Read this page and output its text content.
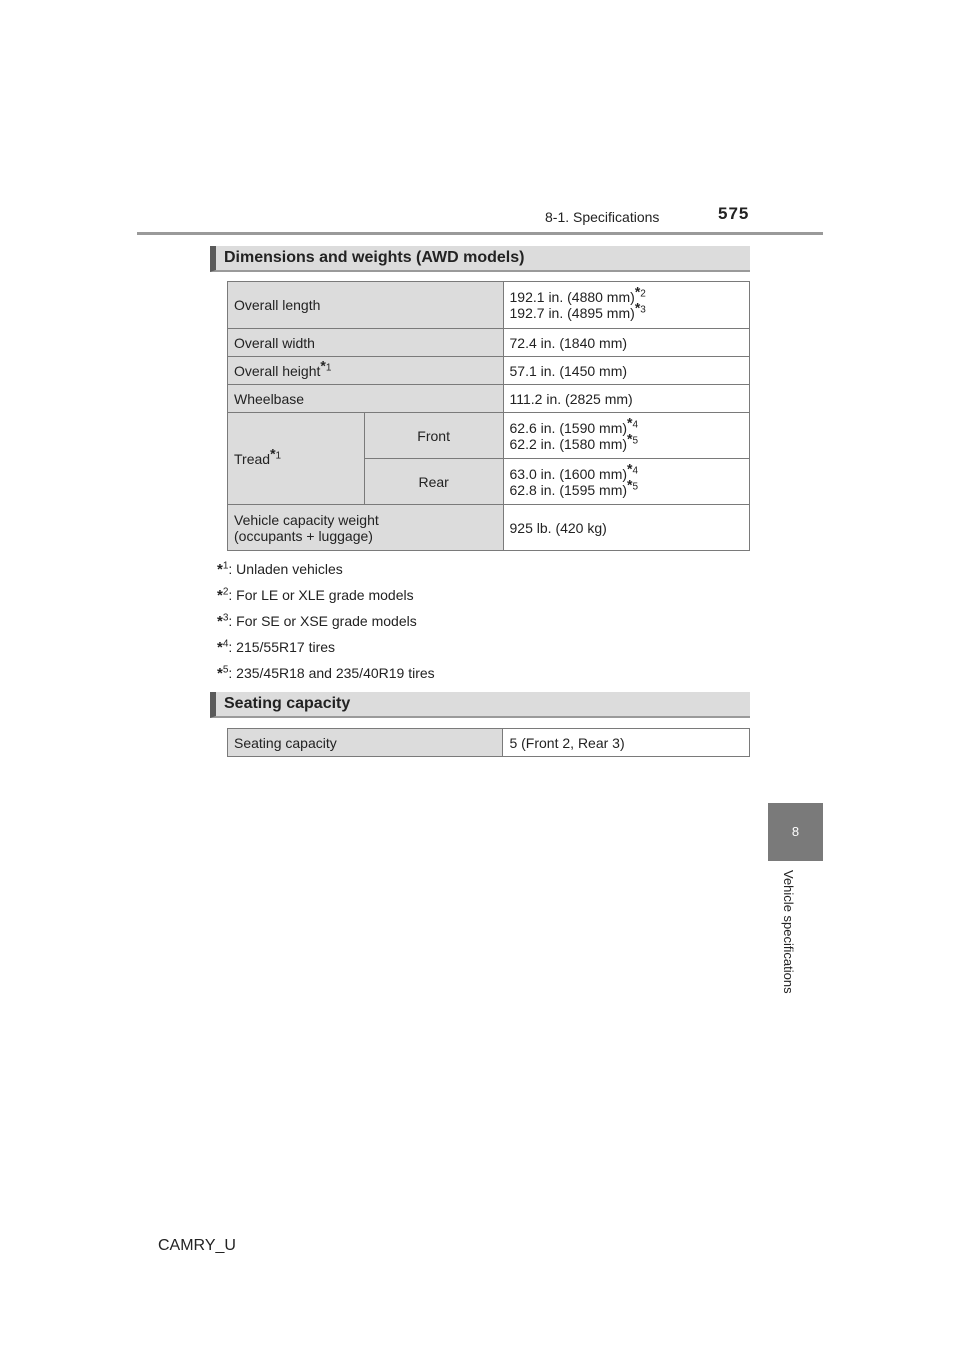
8-1. Specifications	575
Dimensions and weights (AWD models)
Overall length		192.1 in. (4880 mm)*$^2$
192.7 in. (4895 mm)*$^3$

Overall width		72.4 in. (1840 mm)
Overall height*$^1$		57.1 in. (1450 mm)
Wheelbase		111.2 in. (2825 mm)
Tread*$^1$	Front	62.6 in. (1590 mm)*$^4$
62.2 in. (1580 mm)*$^5$

	Rear	63.0 in. (1600 mm)*$^4$
62.8 in. (1595 mm)*$^5$

Vehicle capacity weight
(occupants + luggage)		925 lb. (420 kg)
*$^1$: Unladen vehicles
*$^2$: For LE or XLE grade models
*$^3$: For SE or XSE grade models
*$^4$: 215/55R17 tires
*$^5$: 235/45R18 and 235/40R19 tires
Seating capacity
Seating capacity	5 (Front 2, Rear 3)
8
Vehicle specifications
CAMRY_U
